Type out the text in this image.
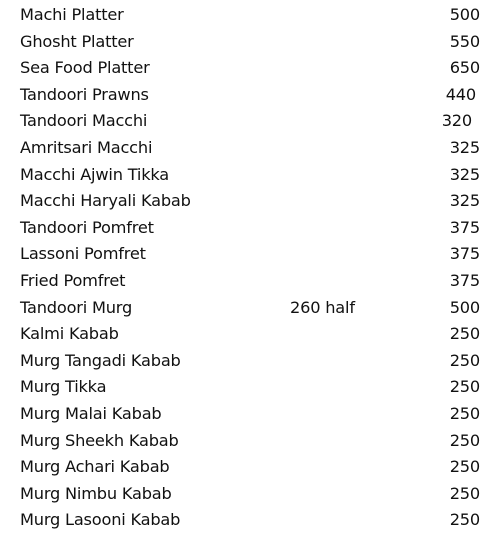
Machi Platter	500
Ghosht Platter	550
Sea Food Platter	650
Tandoori Prawns	440
Tandoori Macchi	320
Amritsari Macchi	325
Macchi Ajwin Tikka	325
Macchi Haryali Kabab	325
Tandoori Pomfret	375
Lassoni Pomfret	375
Fried Pomfret	375
Tandoori Murg	260 half	500
Kalmi Kabab	250
Murg Tangadi Kabab	250
Murg Tikka	250
Murg Malai Kabab	250
Murg Sheekh Kabab	250
Murg Achari Kabab	250
Murg Nimbu Kabab	250
Murg Lasooni Kabab	250
